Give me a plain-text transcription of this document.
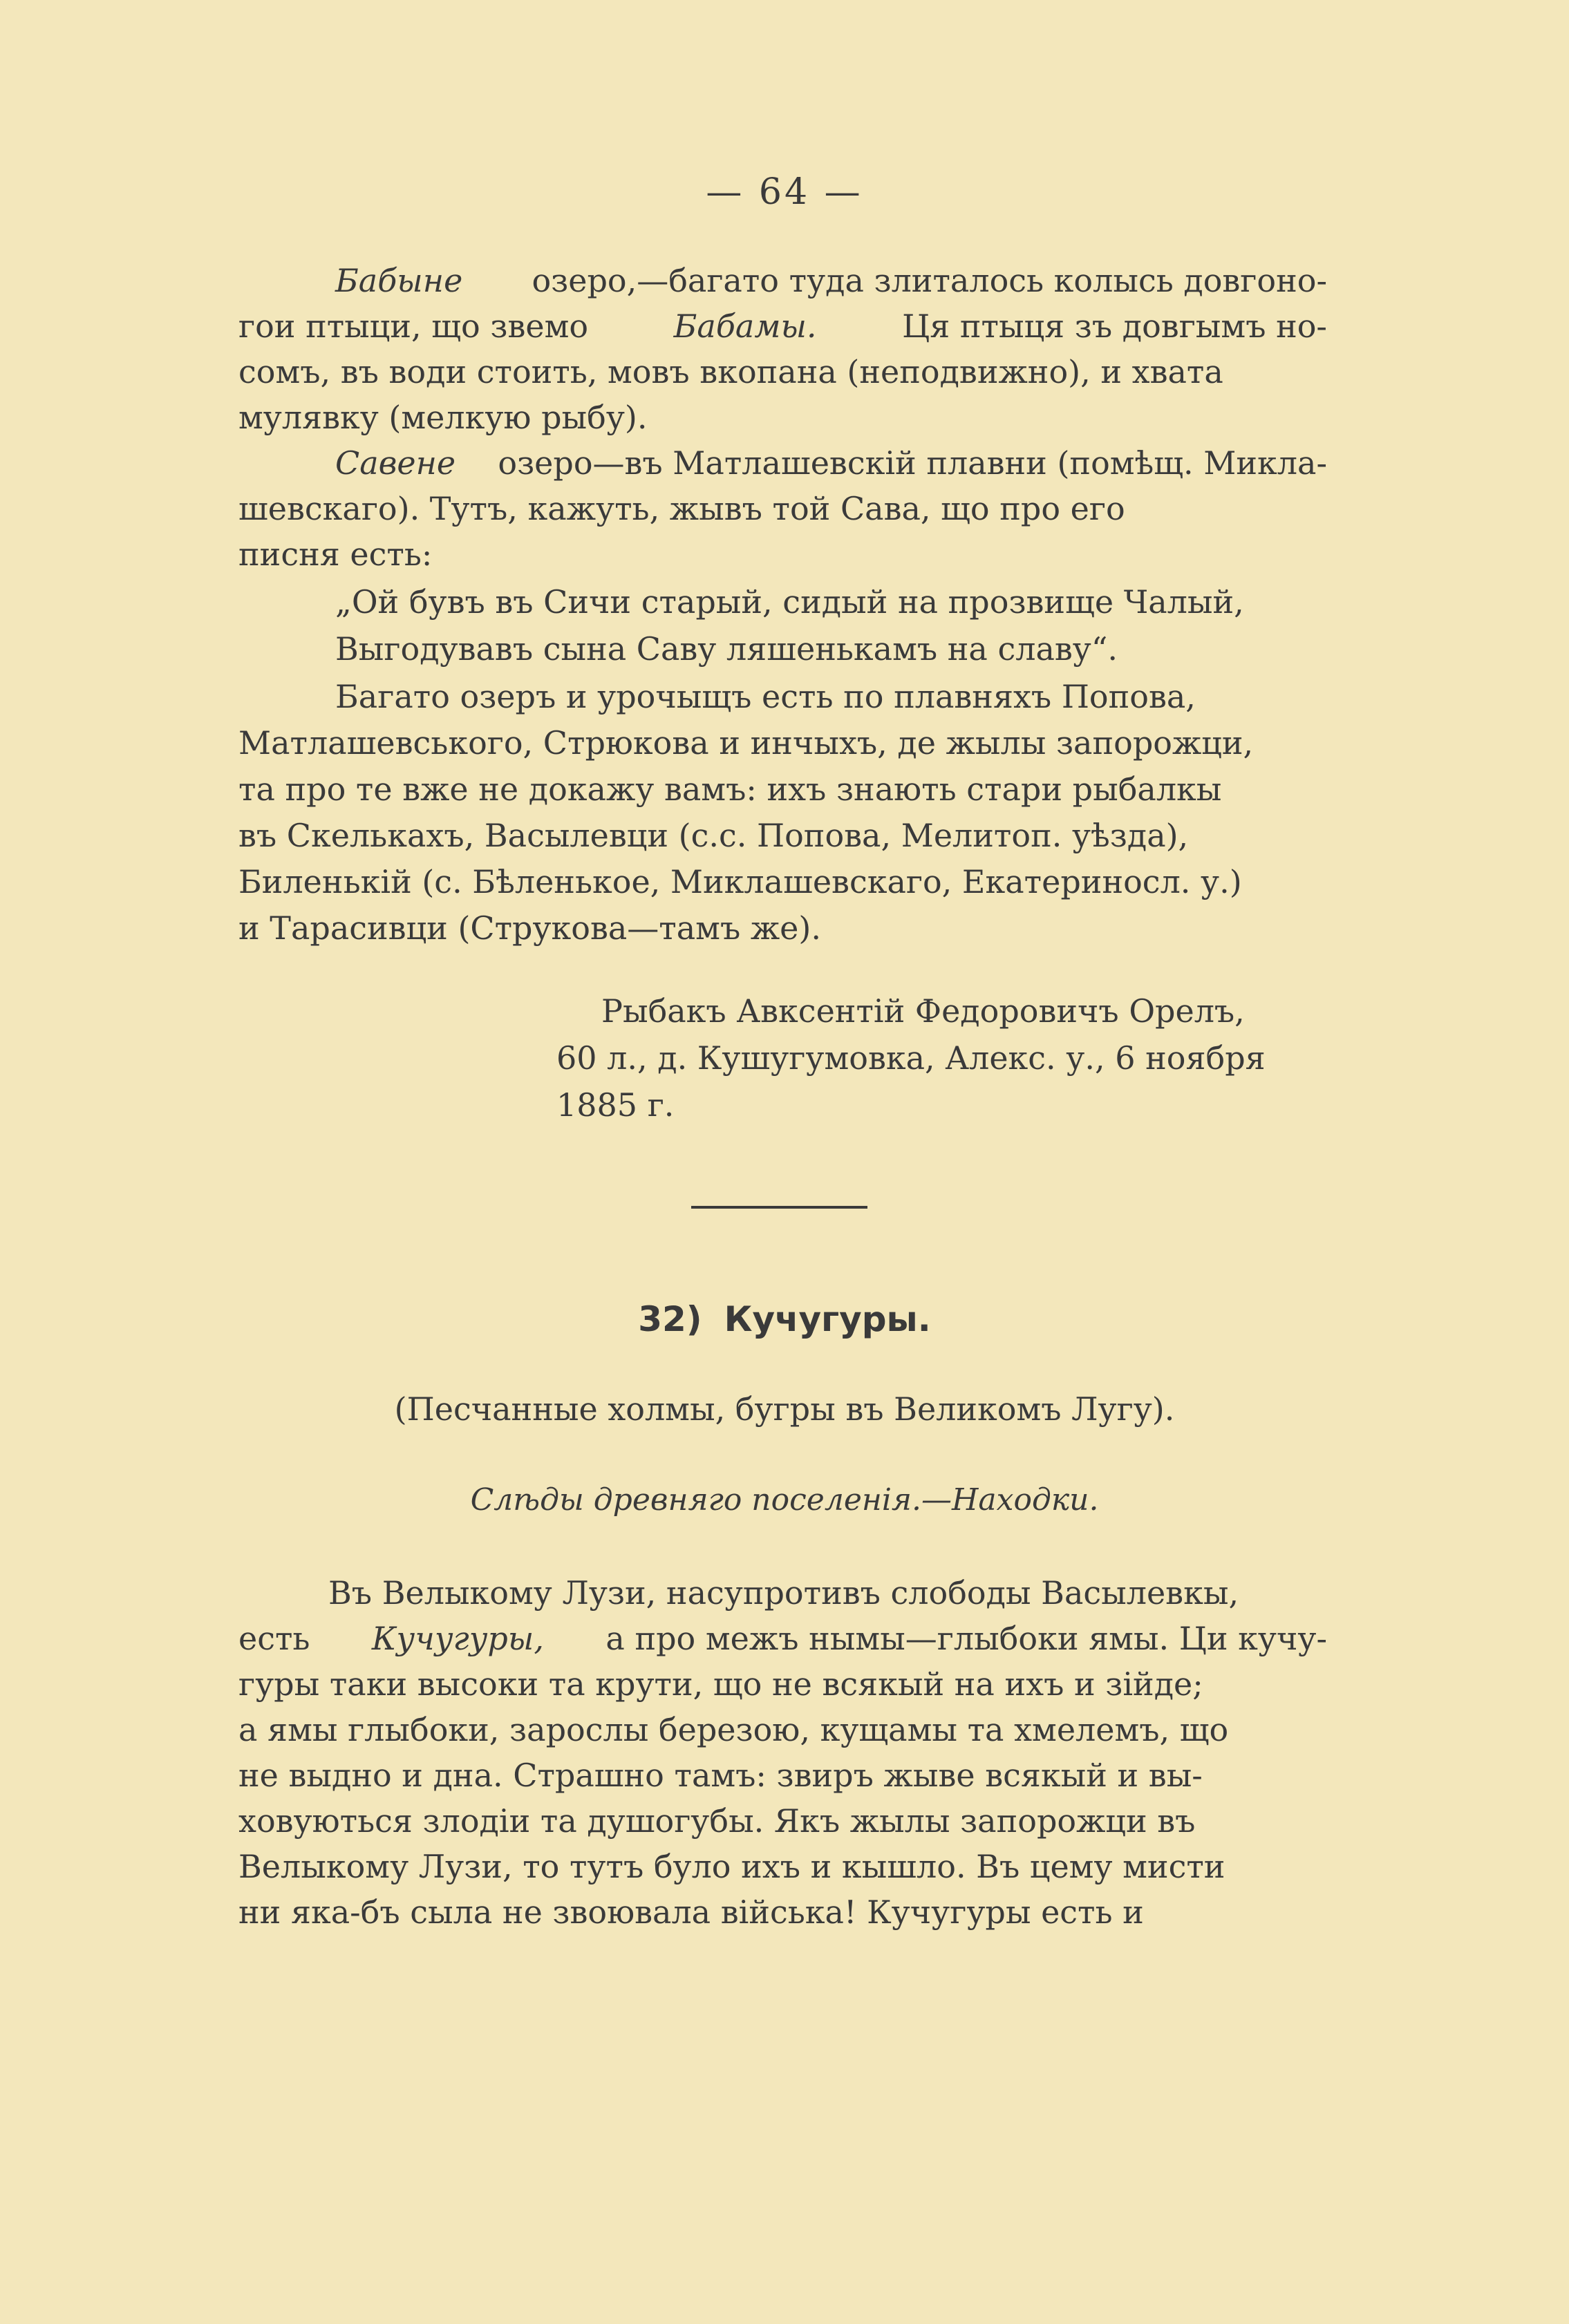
— 64 —
Бабыне озеро,—багато туда злиталось колысь довгоно-
гои птыци, що звемо	Бабамы.	Ця птыця зъ довгымъ но-
сомъ, въ води стоить, мовъ вкопана (неподвижно), и хвата
мулявку (мелкую рыбу).
Савене озеро—въ Матлашевскій плавни (помѣщ. Микла-
шевскаго). Тутъ, кажуть, жывъ той Сава, що про его
писня есть:
„Ой бувъ въ Сичи старый, сидый на прозвище Чалый,
Выгодувавъ сына Саву ляшенькамъ на славу“.
Багато озеръ и урочыщъ есть по плавняхъ Попова,
Матлашевського, Стрюкова и инчыхъ, де жылы запорожци,
та про те вже не докажу вамъ: ихъ знають стари рыбалкы
въ Скелькахъ, Васылевци (с.с. Попова, Мелитоп. уѣзда),
Биленькій (с. Бѣленькое, Миклашевскаго, Екатериносл. у.)
и Тарасивци (Струкова—тамъ же).
Рыбакъ Авксентій Федоровичъ Орелъ,
60 л., д. Кушугумовка, Алекс. у., 6 ноября
1885 г.
32) Кучугуры.
(Песчанные холмы, бугры въ Великомъ Лугу).
Слѣды древняго поселенія.—Находки.
Въ Велыкому Лузи, насупротивъ слободы Васылевкы,
есть Кучугуры, а про межъ нымы—глыбоки ямы. Ци кучу-
гуры таки высоки та крути, що не всякый на ихъ и зійде;
а ямы глыбоки, зарослы березою, кущамы та хмелемъ, що
не выдно и дна. Страшно тамъ: звиръ жыве всякый и вы-
ховуються злодіи та душогубы. Якъ жылы запорожци въ
Велыкому Лузи, то тутъ було ихъ и кышло. Въ цему мисти
ни яка-бъ сыла не звоювала війська! Кучугуры есть и
